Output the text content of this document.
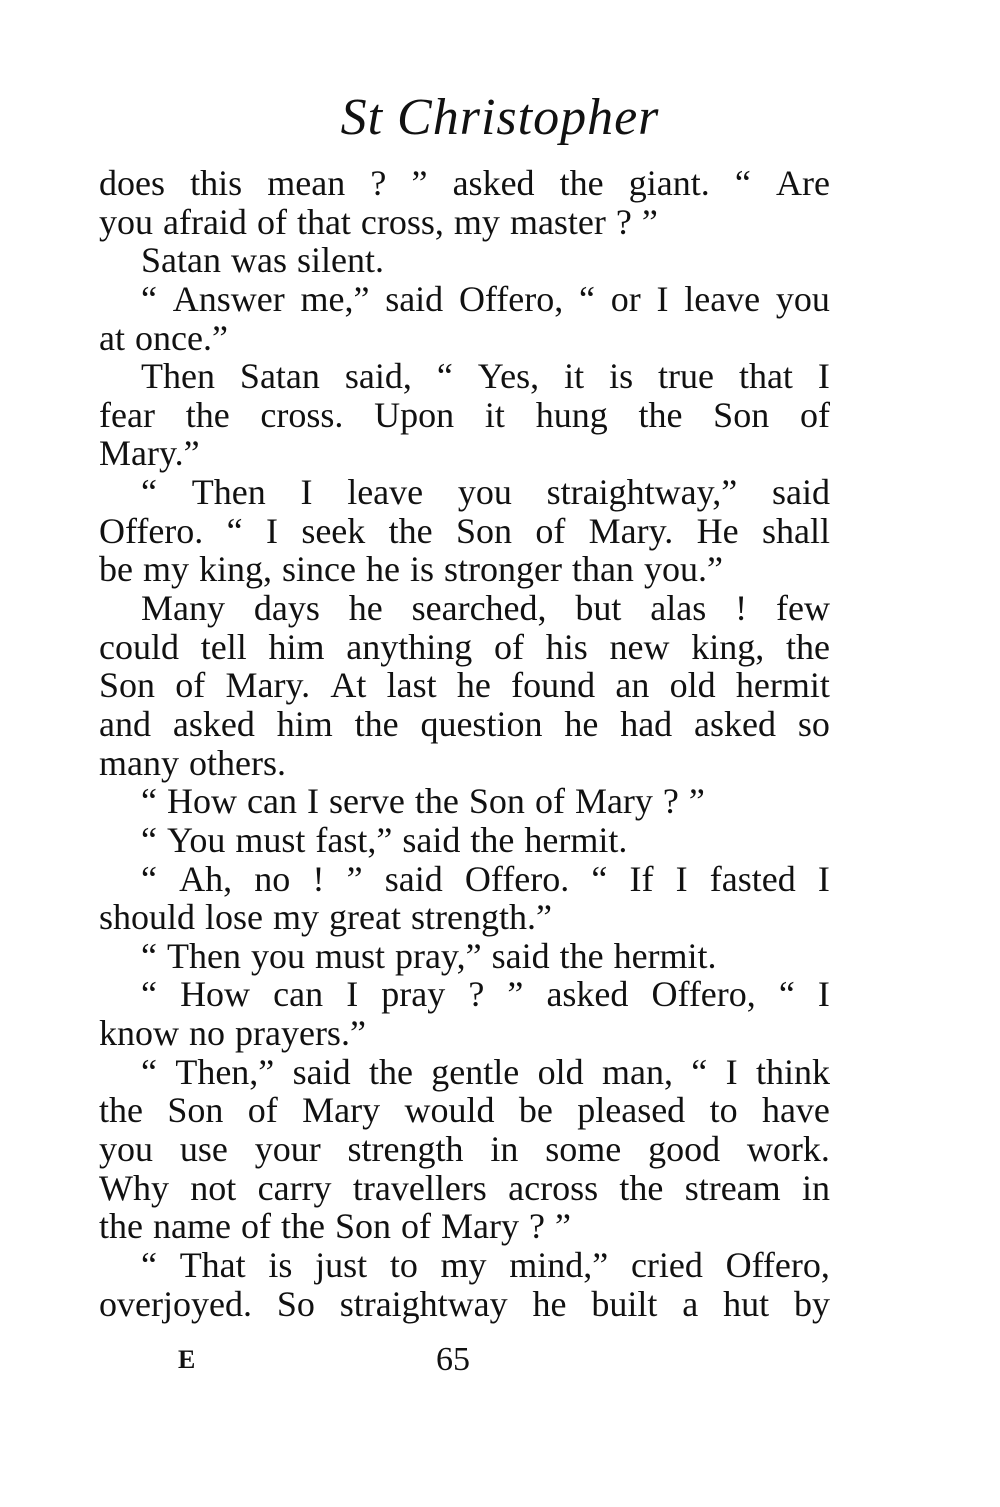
St Christopher
does this mean ? ” asked the giant. “ Are
you afraid of that cross, my master ? ”
Satan was silent.
“ Answer me,” said Offero, “ or I leave you
at once.”
Then Satan said, “ Yes, it is true that I
fear the cross. Upon it hung the Son of
Mary.”
“ Then I leave you straightway,” said
Offero. “ I seek the Son of Mary. He shall
be my king, since he is stronger than you.”
Many days he searched, but alas ! few
could tell him anything of his new king, the
Son of Mary. At last he found an old hermit
and asked him the question he had asked so
many others.
“ How can I serve the Son of Mary ? ”
“ You must fast,” said the hermit.
“ Ah, no ! ” said Offero. “ If I fasted I
should lose my great strength.”
“ Then you must pray,” said the hermit.
“ How can I pray ? ” asked Offero, “ I
know no prayers.”
“ Then,” said the gentle old man, “ I think
the Son of Mary would be pleased to have
you use your strength in some good work.
Why not carry travellers across the stream in
the name of the Son of Mary ? ”
“ That is just to my mind,” cried Offero,
overjoyed. So straightway he built a hut by
E	65
